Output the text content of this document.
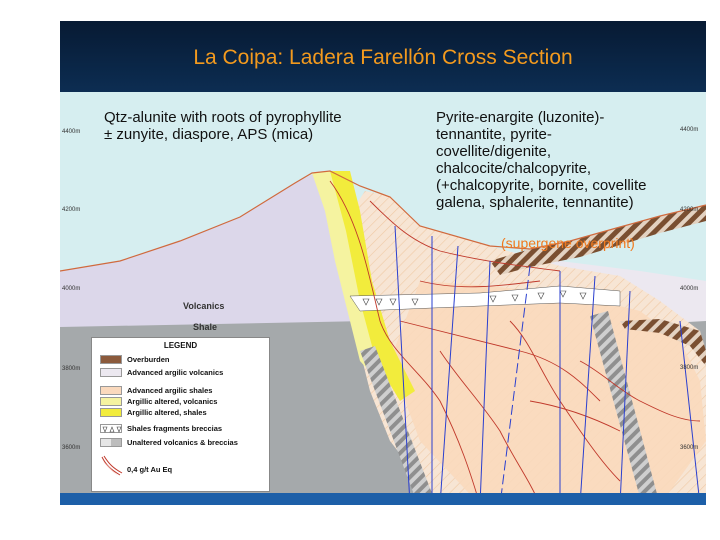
La Coipa: Ladera Farellón Cross Section
Qtz-alunite with roots of pyrophyllite
± zunyite, diaspore, APS (mica)
Pyrite-enargite (luzonite)-
tennantite, pyrite-
covellite/digenite,
chalcocite/chalcopyrite,
(+chalcopyrite, bornite, covellite
galena, sphalerite, tennantite)
(supergene overprint)
4400m
4200m
4000m
3800m
3600m
4400m
4200m
4000m
3800m
3600m
Volcanics
Shale
LEGEND
Overburden
Advanced argilic volcanics
Advanced argilic shales
Argillic altered, volcanics
Argillic altered, shales
Shales fragments breccias
Unaltered volcanics & breccias
0,4 g/t Au Eq
